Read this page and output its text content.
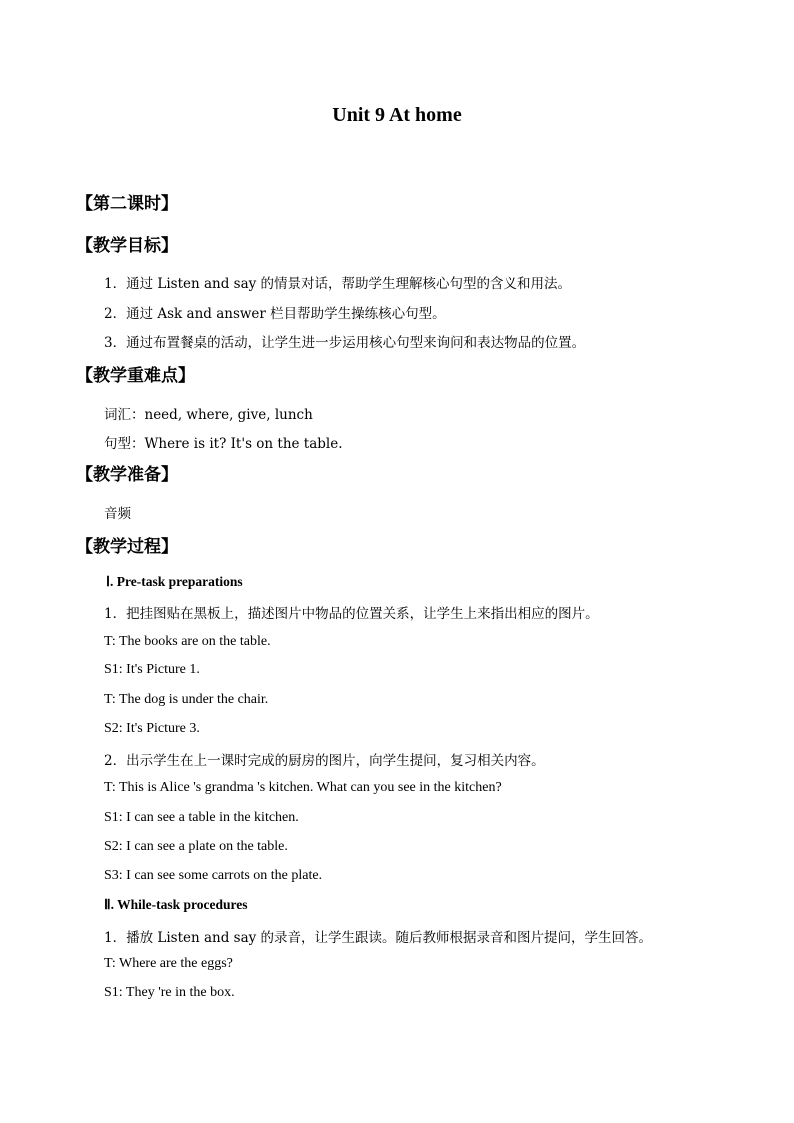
Unit 9 At home
【第二课时】
【教学目标】
1．通过 Listen and say 的情景对话，帮助学生理解核心句型的含义和用法。
2．通过 Ask and answer 栏目帮助学生操练核心句型。
3．通过布置餐桌的活动，让学生进一步运用核心句型来询问和表达物品的位置。
【教学重难点】
词汇：need, where, give, lunch
句型：Where is it? It's on the table.
【教学准备】
音频
【教学过程】
Ⅰ. Pre-task preparations
1．把挂图贴在黑板上，描述图片中物品的位置关系，让学生上来指出相应的图片。
T: The books are on the table.
S1: It's Picture 1.
T: The dog is under the chair.
S2: It's Picture 3.
2．出示学生在上一课时完成的厨房的图片，向学生提问，复习相关内容。
T: This is Alice 's grandma 's kitchen. What can you see in the kitchen?
S1: I can see a table in the kitchen.
S2: I can see a plate on the table.
S3: I can see some carrots on the plate.
Ⅱ. While-task procedures
1．播放 Listen and say 的录音，让学生跟读。随后教师根据录音和图片提问，学生回答。
T: Where are the eggs?
S1: They 're in the box.
